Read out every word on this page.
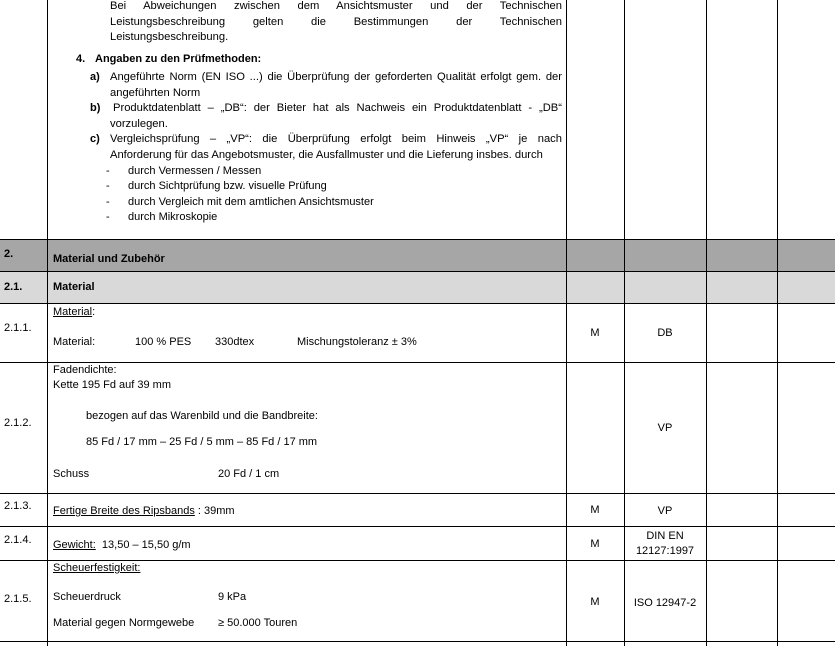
Bei Abweichungen zwischen dem Ansichtsmuster und der Technischen
Leistungsbeschreibung gelten die Bestimmungen der Technischen
Leistungsbeschreibung.
4. Angaben zu den Prüfmethoden:
a) Angeführte Norm (EN ISO ...) die Überprüfung der geforderten Qualität erfolgt gem. der
angeführten Norm
b) Produktdatenblatt – „DB“: der Bieter hat als Nachweis ein Produktdatenblatt - „DB“
vorzulegen.
c) Vergleichsprüfung – „VP“: die Überprüfung erfolgt beim Hinweis „VP“ je nach
Anforderung für das Angebotsmuster, die Ausfallmuster und die Lieferung insbes. durch
- durch Vermessen / Messen
- durch Sichtprüfung bzw. visuelle Prüfung
- durch Vergleich mit dem amtlichen Ansichtsmuster
- durch Mikroskopie
2.	Material und Zubehör
2.1.	Material
2.1.1.
Material:
Material:	100 % PES 330dtex	Mischungstoleranz ± 3%
M	DB
2.1.2.
Fadendichte:
Kette 195 Fd auf 39 mm
bezogen auf das Warenbild und die Bandbreite:
85 Fd / 17 mm – 25 Fd / 5 mm – 85 Fd / 17 mm
Schuss	20 Fd / 1 cm
VP
2.1.3. Fertige Breite des Ripsbands : 39mm	M	VP
2.1.4. Gewicht: 13,50 – 15,50 g/m	M
DIN EN
12127:1997
2.1.5.
Scheuerfestigkeit:
Scheuerdruck	9 kPa
Material gegen Normgewebe ≥ 50.000 Touren
M	ISO 12947-2
